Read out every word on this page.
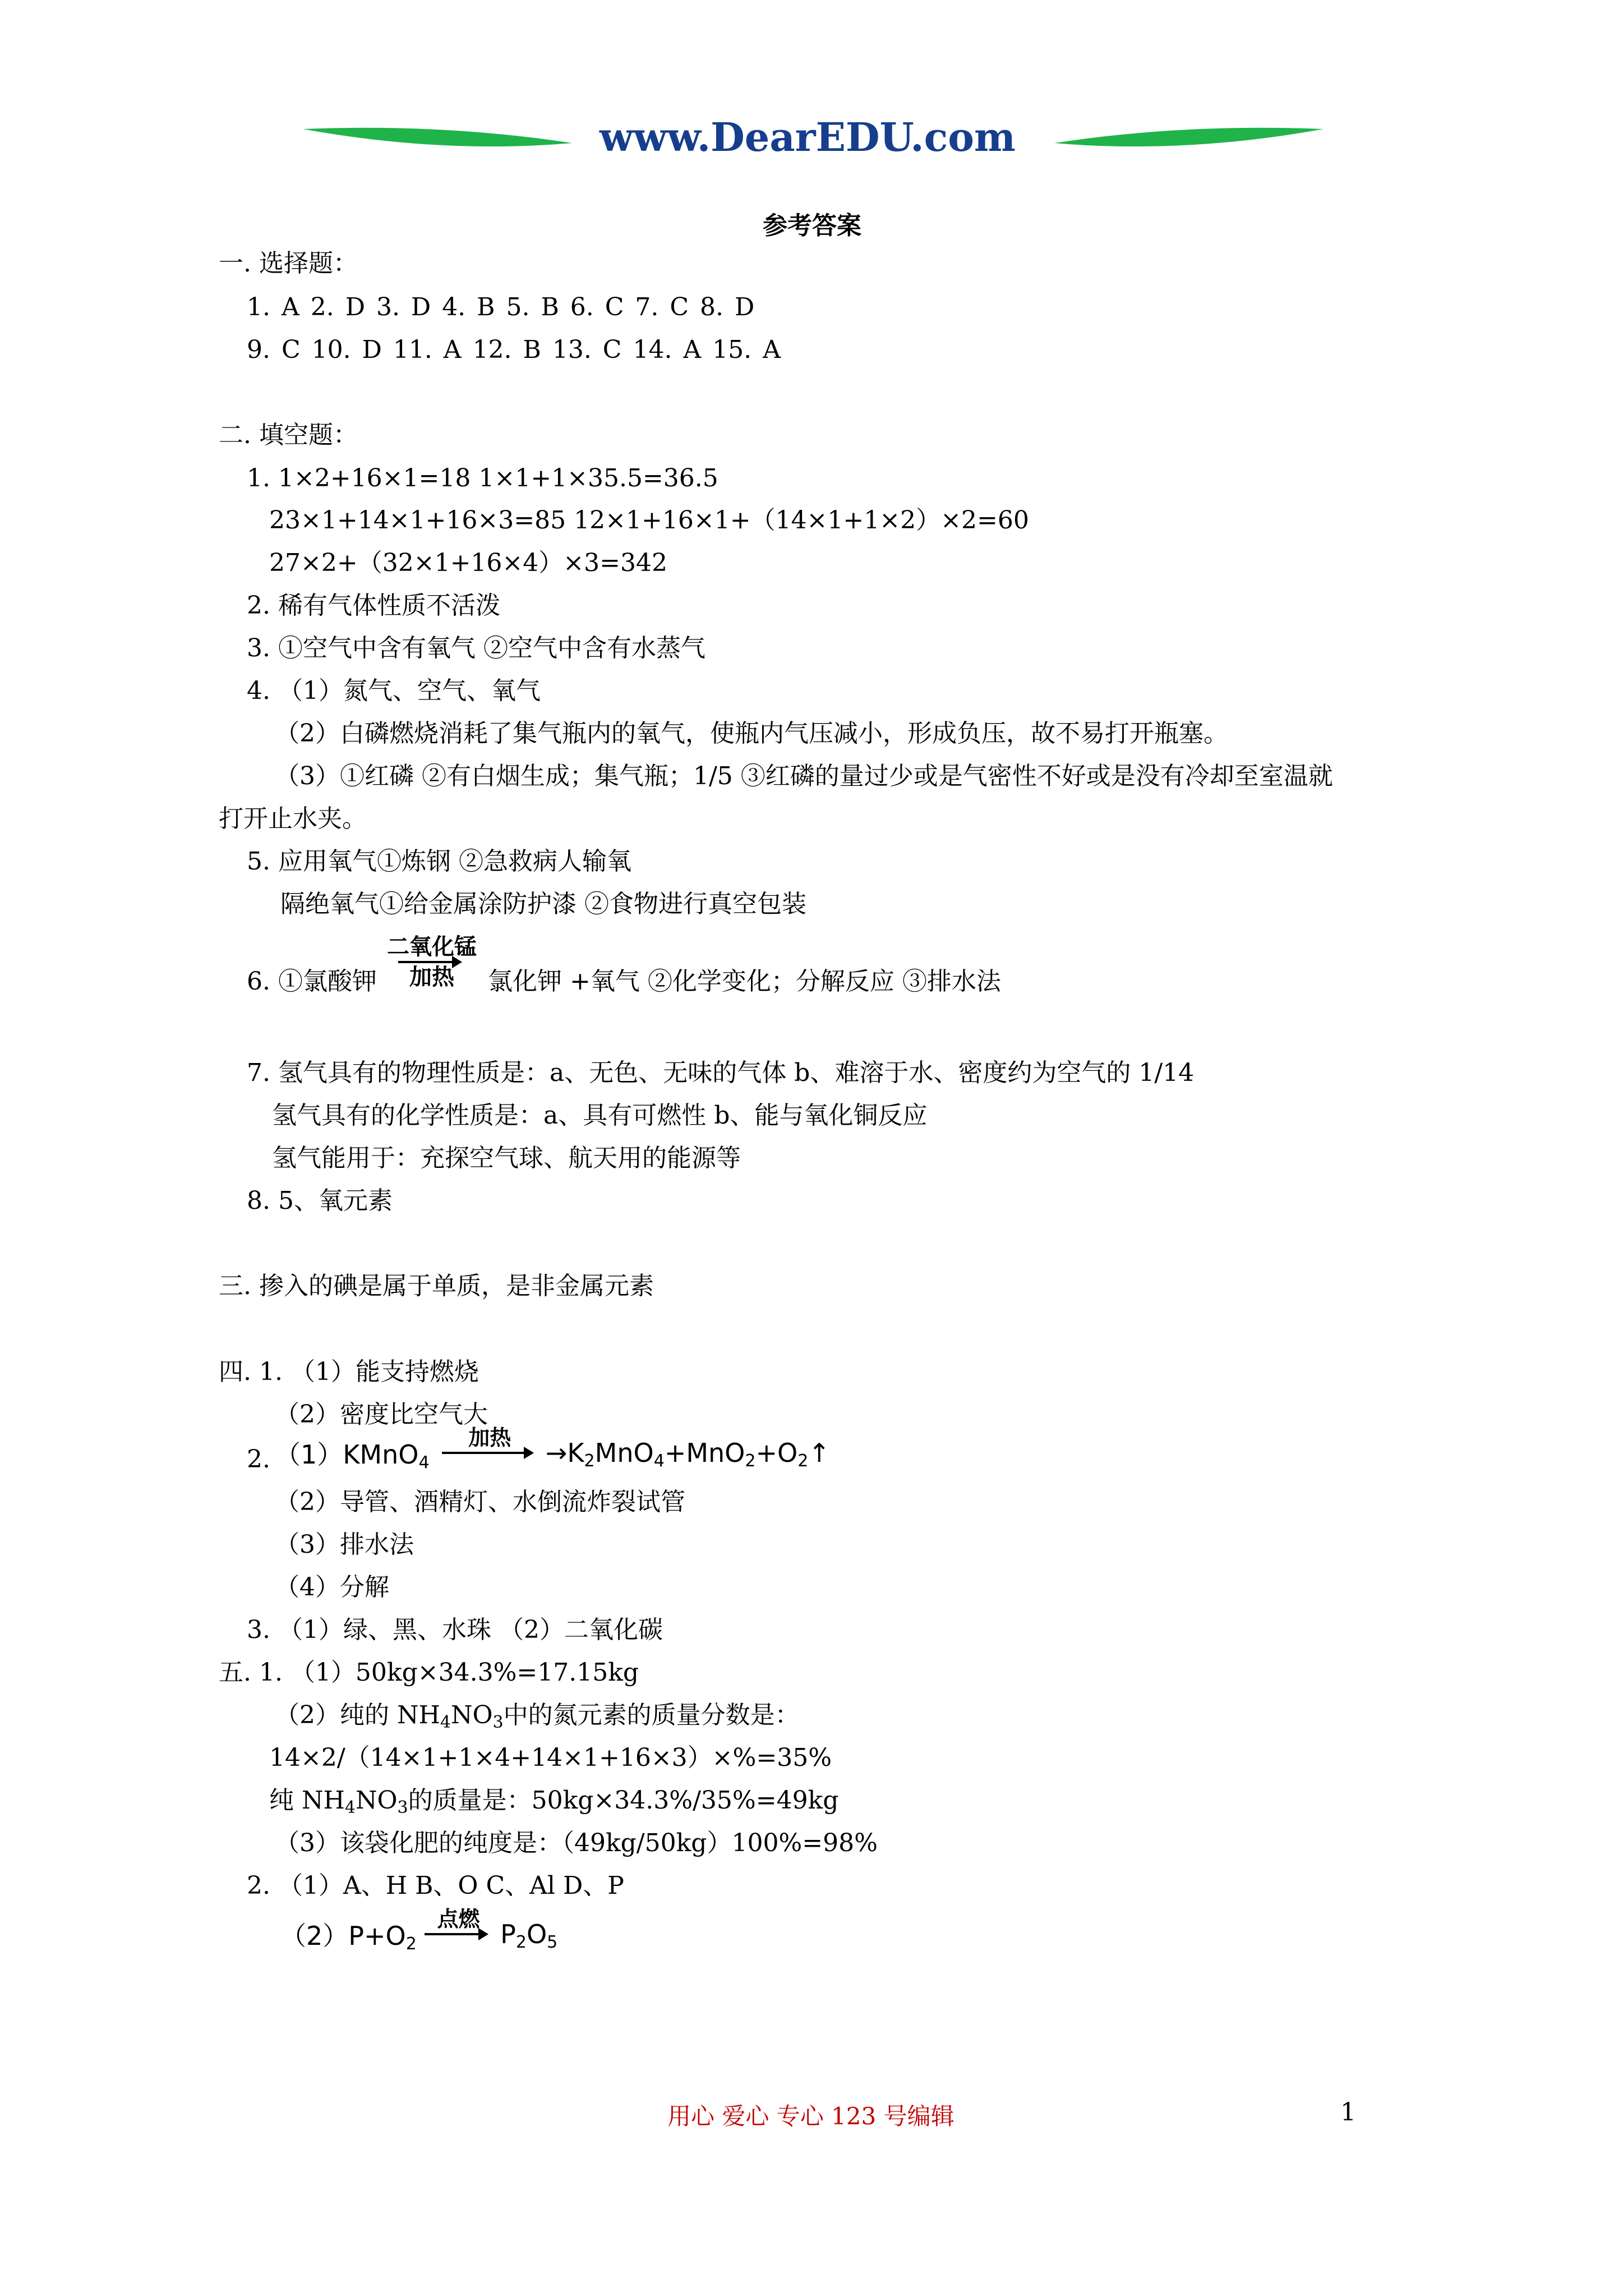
www.DearEDU.com
参考答案
一. 选择题：
1. A 2. D 3. D 4. B 5. B 6. C 7. C 8. D
9. C 10. D 11. A 12. B 13. C 14. A 15. A
二. 填空题：
1. 1×2+16×1=18 1×1+1×35.5=36.5
23×1+14×1+16×3=85 12×1+16×1+（14×1+1×2）×2=60
27×2+（32×1+16×4）×3=342
2. 稀有气体性质不活泼
3. ①空气中含有氧气 ②空气中含有水蒸气
4. （1）氮气、空气、氧气
（2）白磷燃烧消耗了集气瓶内的氧气，使瓶内气压减小，形成负压，故不易打开瓶塞。
（3）①红磷 ②有白烟生成；集气瓶；1/5 ③红磷的量过少或是气密性不好或是没有冷却至室温就
打开止水夹。
5. 应用氧气①炼钢 ②急救病人输氧
隔绝氧气①给金属涂防护漆 ②食物进行真空包装
6. ①氯酸钾
二氧化锰
加热	氯化钾 +氧气 ②化学变化；分解反应 ③排水法
7. 氢气具有的物理性质是：a、无色、无味的气体 b、难溶于水、密度约为空气的 1/14
氢气具有的化学性质是：a、具有可燃性 b、能与氧化铜反应
氢气能用于：充探空气球、航天用的能源等
8. 5、氧元素
三. 掺入的碘是属于单质，是非金属元素
四. 1. （1）能支持燃烧
（2）密度比空气大
2. （1）KMnO$_4$
加热
	$\to K_2MnO_4+MnO_2+O_2↑$
（2）导管、酒精灯、水倒流炸裂试管
（3）排水法
（4）分解
3. （1）绿、黑、水珠 （2）二氧化碳
五. 1. （1）50kg×34.3%=17.15kg
（2）纯的 $NH_4NO_3$中的氮元素的质量分数是：
14×2/（14×1+1×4+14×1+16×3）×%=35%
纯 $NH_4NO_3$的质量是：50kg×34.3%/35%=49kg
（3）该袋化肥的纯度是：（49kg/50kg）100%=98%
2. （1）A、H B、O C、Al D、P
$(2)P+O_2$
点燃
$P_2O_5$
用心 爱心 专心 123 号编辑	1
